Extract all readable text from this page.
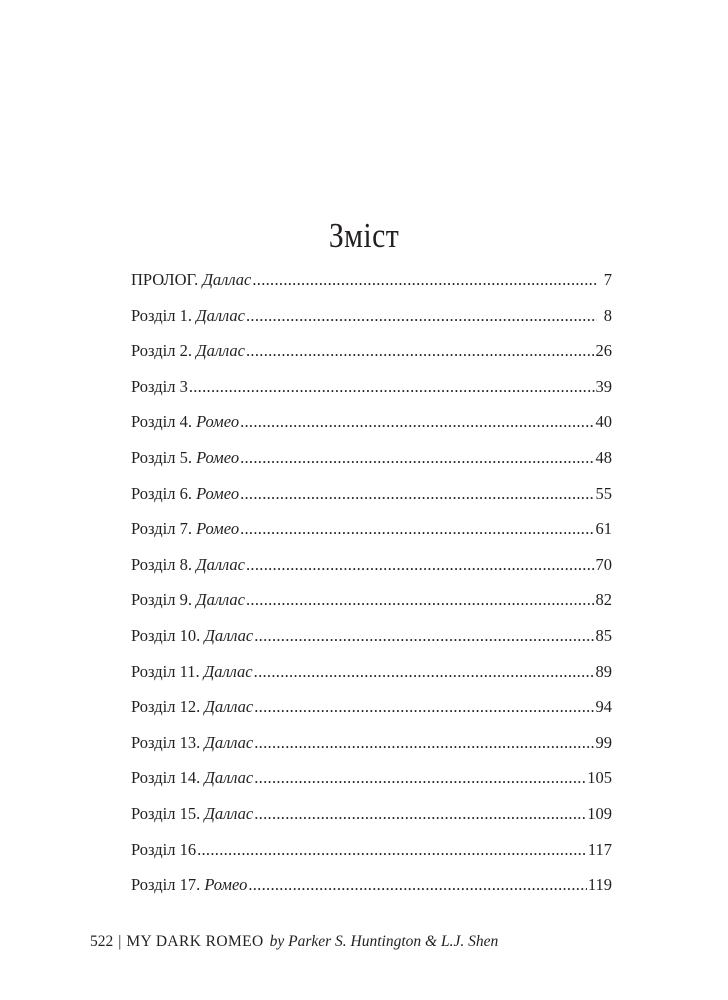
Зміст
ПРОЛОГ. Даллас .....	7
Розділ 1. Даллас .....	8
Розділ 2. Даллас .....	26
Розділ 3 .....	39
Розділ 4. Ромео .....	40
Розділ 5. Ромео .....	48
Розділ 6. Ромео .....	55
Розділ 7. Ромео .....	61
Розділ 8. Даллас .....	70
Розділ 9. Даллас .....	82
Розділ 10. Даллас .....	85
Розділ 11. Даллас .....	89
Розділ 12. Даллас .....	94
Розділ 13. Даллас .....	99
Розділ 14. Даллас .....	105
Розділ 15. Даллас .....	109
Розділ 16 .....	117
Розділ 17. Ромео .....	119
522 | MY DARK ROMEO by Parker S. Huntington & L.J. Shen
